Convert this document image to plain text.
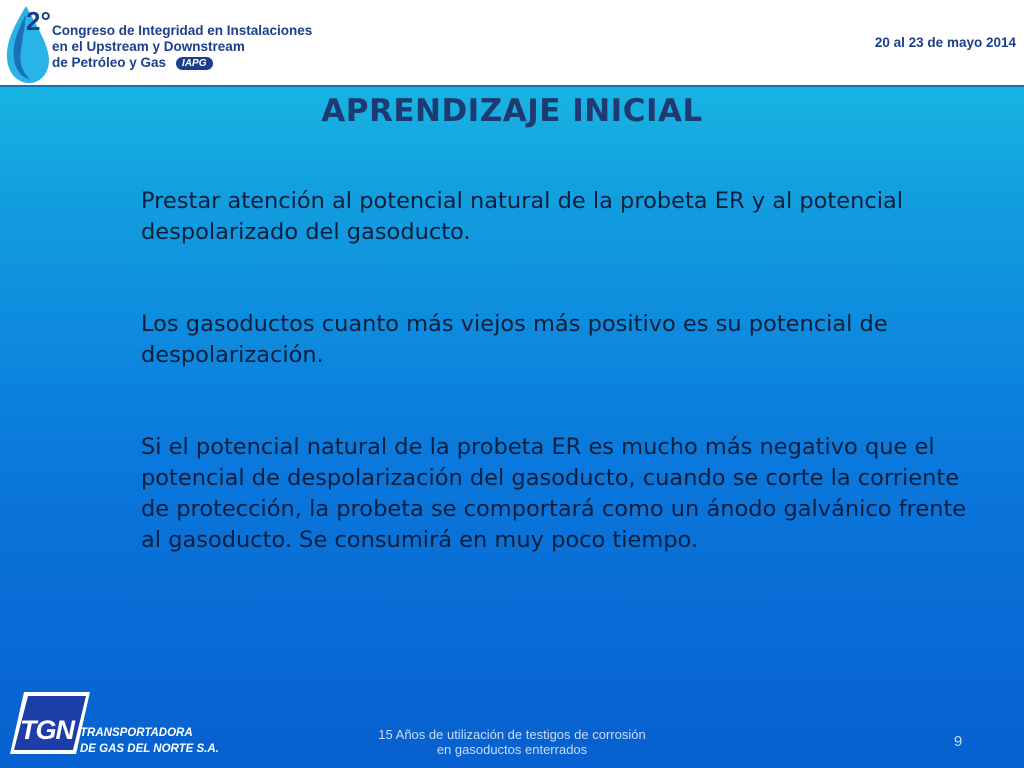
2° Congreso de Integridad en Instalaciones
en el Upstream y Downstream
de Petróleo y Gas IAPG
20 al 23 de mayo 2014
APRENDIZAJE INICIAL

Prestar atención al potencial natural de la probeta ER y al potencial despolarizado del gasoducto.

Los gasoductos cuanto más viejos más positivo es su potencial de despolarización.

Si el potencial natural de la probeta ER es mucho más negativo que el potencial de despolarización del gasoducto, cuando se corte la corriente de protección, la probeta se comportará como un ánodo galvánico frente al gasoducto. Se consumirá en muy poco tiempo.

TGN TRANSPORTADORA
DE GAS DEL NORTE S.A.
15 Años de utilización de testigos de corrosión
en gasoductos enterrados	9
